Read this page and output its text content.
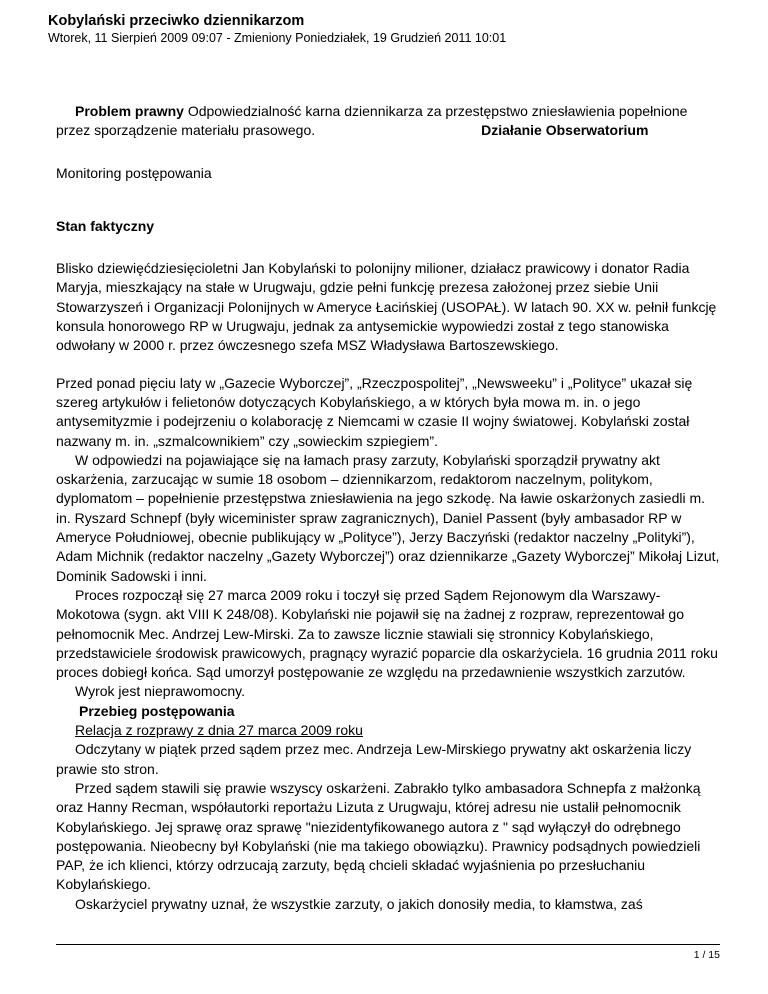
Kobylański przeciwko dziennikarzom
Wtorek, 11 Sierpień 2009 09:07 - Zmieniony Poniedziałek, 19 Grudzień 2011 10:01

Problem prawny Odpowiedzialność karna dziennikarza za przestępstwo zniesławienia popełnione przez sporządzenie materiału prasowego.	Działanie Obserwatorium

Monitoring postępowania

Stan faktyczny

Blisko dziewięćdziesięcioletni Jan Kobylański to polonijny milioner, działacz prawicowy i donator Radia Maryja, mieszkający na stałe w Urugwaju, gdzie pełni funkcję prezesa założonej przez siebie Unii Stowarzyszeń i Organizacji Polonijnych w Ameryce Łacińskiej (USOPAŁ). W latach 90. XX w. pełnił funkcję konsula honorowego RP w Urugwaju, jednak za antysemickie wypowiedzi został z tego stanowiska odwołany w 2000 r. przez ówczesnego szefa MSZ Władysława Bartoszewskiego.

Przed ponad pięciu laty w „Gazecie Wyborczej”, „Rzeczpospolitej”, „Newsweeku” i „Polityce” ukazał się szereg artykułów i felietonów dotyczących Kobylańskiego, a w których była mowa m. in. o jego antysemityzmie i podejrzeniu o kolaborację z Niemcami w czasie II wojny światowej. Kobylański został nazwany m. in. „szmalcownikiem” czy „sowieckim szpiegiem”.

W odpowiedzi na pojawiające się na łamach prasy zarzuty, Kobylański sporządził prywatny akt oskarżenia, zarzucając w sumie 18 osobom – dziennikarzom, redaktorom naczelnym, politykom, dyplomatom – popełnienie przestępstwa zniesławienia na jego szkodę. Na ławie oskarżonych zasiedli m. in. Ryszard Schnepf (były wiceminister spraw zagranicznych), Daniel Passent (były ambasador RP w Ameryce Południowej, obecnie publikujący w „Polityce”), Jerzy Baczyński (redaktor naczelny „Polityki”), Adam Michnik (redaktor naczelny „Gazety Wyborczej”) oraz dziennikarze „Gazety Wyborczej” Mikołaj Lizut, Dominik Sadowski i inni.

Proces rozpoczął się 27 marca 2009 roku i toczył się przed Sądem Rejonowym dla Warszawy-Mokotowa (sygn. akt VIII K 248/08). Kobylański nie pojawił się na żadnej z rozpraw, reprezentował go pełnomocnik Mec. Andrzej Lew-Mirski. Za to zawsze licznie stawiali się stronnicy Kobylańskiego, przedstawiciele środowisk prawicowych, pragnący wyrazić poparcie dla oskarżyciela. 16 grudnia 2011 roku proces dobiegł końca. Sąd umorzył postępowanie ze względu na przedawnienie wszystkich zarzutów.

Wyrok jest nieprawomocny.

Przebieg postępowania

Relacja z rozprawy z dnia 27 marca 2009 roku

Odczytany w piątek przed sądem przez mec. Andrzeja Lew-Mirskiego prywatny akt oskarżenia liczy prawie sto stron.

Przed sądem stawili się prawie wszyscy oskarżeni. Zabrakło tylko ambasadora Schnepfa z małżonką oraz Hanny Recman, współautorki reportażu Lizuta z Urugwaju, której adresu nie ustalił pełnomocnik Kobylańskiego. Jej sprawę oraz sprawę "niezidentyfikowanego autora z " sąd wyłączył do odrębnego postępowania. Nieobecny był Kobylański (nie ma takiego obowiązku). Prawnicy podsądnych powiedzieli PAP, że ich klienci, którzy odrzucają zarzuty, będą chcieli składać wyjaśnienia po przesłuchaniu Kobylańskiego.

Oskarżyciel prywatny uznał, że wszystkie zarzuty, o jakich donosiły media, to kłamstwa, zaś

1 / 15
